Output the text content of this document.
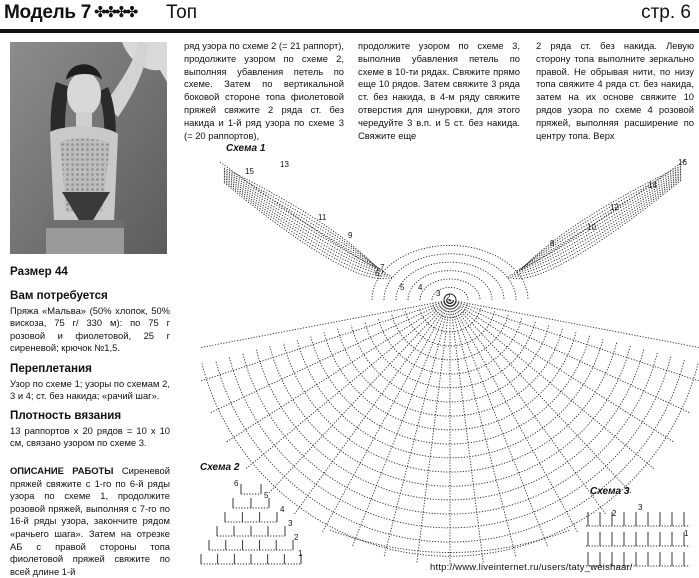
Модель 7 ✤✤✤✤ Топ	стр. 6
Размер 44
Вам потребуется

Пряжа «Мальва» (50% хлопок, 50% вискоза, 75 г/ 330 м): по 75 г розовой и фиолетовой, 25 г сиреневой; крючок №1,5.

Переплетания

Узор по схеме 1; узоры по схемам 2, 3 и 4; ст. без накида; «рачий шаг».

Плотность вязания

13 раппортов х 20 рядов = 10 х 10 см, связано узором по схеме 3.

ОПИСАНИЕ РАБОТЫ Сиреневой пряжей свяжите с 1-го по 6-й ряды узора по схеме 1, продолжите розовой пряжей, выполняя с 7-го по 16-й ряды узора, закончите рядом «рачьего шага». Затем на отрезке АБ с правой стороны топа фиолетовой пряжей свяжите по всей длине 1-й

ряд узора по схеме 2 (= 21 раппорт), продолжите узором по схеме 2, выполняя убавления петель по схеме. Затем по вертикальной боковой стороне топа фиолетовой пряжей свяжите 2 ряда ст. без накида и 1-й ряд узора по схеме 3 (= 20 раппортов),

продолжите узором по схеме 3, выполнив убавления петель по схеме в 10-ти рядах. Свяжите прямо еще 10 рядов. Затем свяжите 3 ряда ст. без накида, в 4-м ряду свяжите отверстия для шнуровки, для этого чередуйте 3 в.п. и 5 ст. без накида. Свяжите еще

2 ряда ст. без накида. Левую сторону топа выполните зеркально правой. Не обрывая нити, по низу топа свяжите 4 ряда ст. без накида, затем на их основе свяжите 10 рядов узора по схеме 4 розовой пряжей, выполняя расширение по центру топа. Верх

Схема 1
Схема 2
Схема 3
16
15
14
13
12
11
10
9
8
7
6
5 4
3 2
6
5
4
3
2
1
3
2
1
http://www.liveinternet.ru/users/taty_weishaar/
